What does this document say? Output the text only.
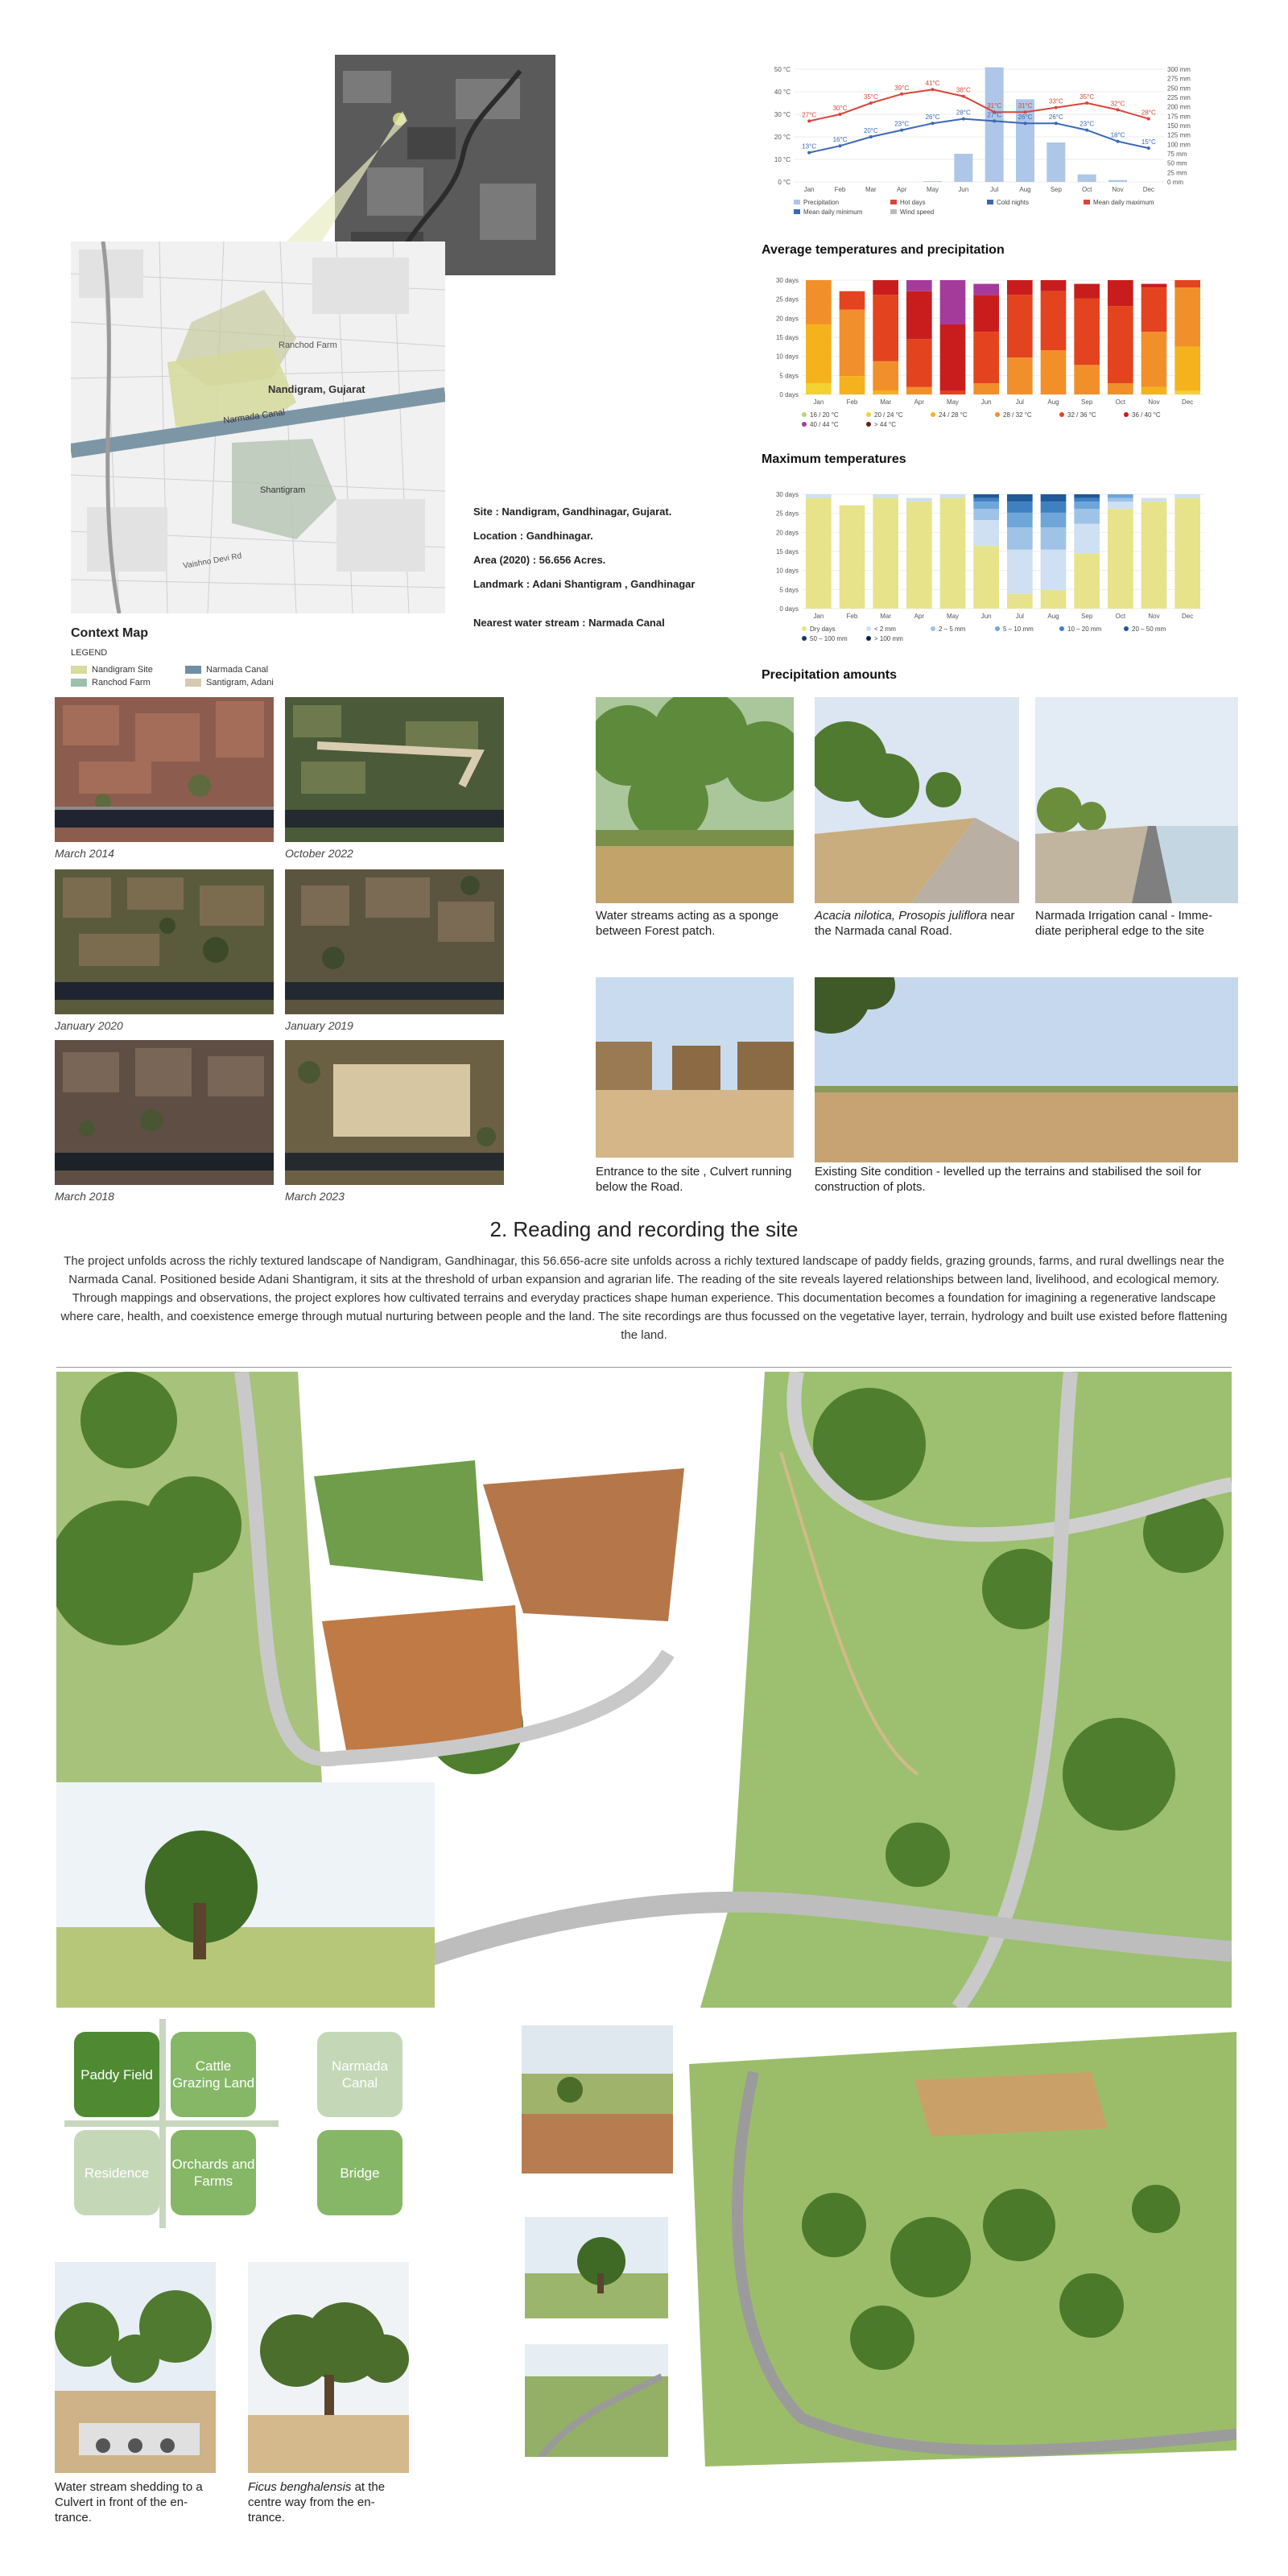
Ranchod Farm
Nandigram, Gujarat
Narmada Canal
Shantigram
Vaishno Devi Rd
Context Map
LEGEND
Nandigram Site	Narmada Canal
Ranchod Farm	Santigram, Adani
Site : Nandigram, Gandhinagar, Gujarat.
Location : Gandhinagar.
Area (2020) : 56.656 Acres.
Landmark : Adani Shantigram , Gandhinagar
Nearest water stream : Narmada Canal
50 °C
40 °C
30 °C
20 °C
10 °C
0 °C
300 mm
275 mm
250 mm
225 mm
200 mm
175 mm
150 mm
125 mm
100 mm
75 mm
50 mm
25 mm
0 mm
27°C
30°C
35°C
39°C
41°C
38°C
31°C	31°C
33°C
35°C
32°C
28°C
13°C
16°C
20°C
23°C
26°C
28°C	27°C	26°C	26°C
23°C
18°C
15°C
Jan	Feb	Mar	Apr	May	Jun	Jul	Aug	Sep	Oct	Nov	Dec
Precipitation	Hot days	Cold nights	Mean daily maximum
Mean daily minimum	Wind speed
Average temperatures and precipitation
30 days
25 days
20 days
15 days
10 days
5 days
0 days
Jan	Feb	Mar	Apr	May	Jun	Jul	Aug	Sep	Oct	Nov	Dec
16 / 20 °C	20 / 24 °C	24 / 28 °C	28 / 32 °C	32 / 36 °C	36 / 40 °C
40 / 44 °C	> 44 °C
Maximum temperatures
30 days
25 days
20 days
15 days
10 days
5 days
0 days
Jan	Feb	Mar	Apr	May	Jun	Jul	Aug	Sep	Oct	Nov	Dec
Dry days	< 2 mm	2 – 5 mm	5 – 10 mm	10 – 20 mm	20 – 50 mm
50 – 100 mm	> 100 mm
Precipitation amounts
March 2014	October 2022
January 2020	January 2019
March 2018	March 2023
Water streams acting as a sponge between Forest patch.
Acacia nilotica, Prosopis juliflora near the Narmada canal Road.
Narmada Irrigation canal - Imme- diate peripheral edge to the site
Entrance to the site , Culvert running below the Road.
Existing Site condition - levelled up the terrains and stabilised the soil for construction of plots.
2. Reading and recording the site
The project unfolds across the richly textured landscape of Nandigram, Gandhinagar, this 56.656-acre site unfolds across a richly textured landscape of paddy fields, grazing grounds, farms, and rural dwellings near the Narmada Canal. Positioned beside Adani Shantigram, it sits at the threshold of urban expansion and agrarian life. The reading of the site reveals layered relationships between land, livelihood, and ecological memory. Through mappings and observations, the project explores how cultivated terrains and everyday practices shape human experience. This documentation becomes a foundation for imagining a regenerative landscape where care, health, and coexistence emerge through mutual nurturing between people and the land. The site recordings are thus focussed on the vegetative layer, terrain, hydrology and built use existed before flattening the land.
Paddy Field
Cattle Grazing Land
Narmada Canal
Residence
Orchards and Farms
Bridge
Water stream shedding to a Culvert in front of the en- trance.
Ficus benghalensis at the centre way from the en- trance.
